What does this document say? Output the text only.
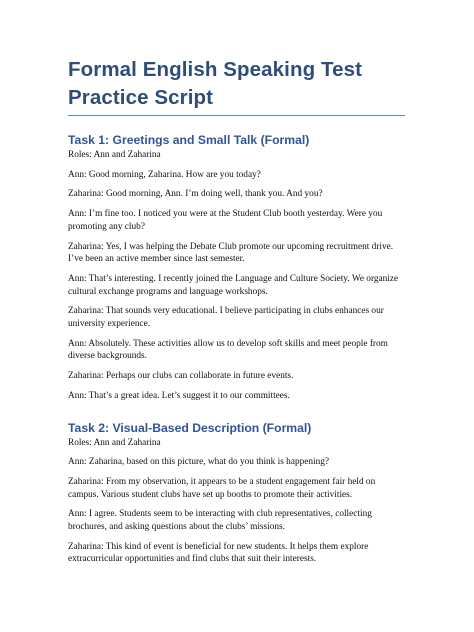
Formal English Speaking Test Practice Script
Task 1: Greetings and Small Talk (Formal)

Roles: Ann and Zaharina

Ann: Good morning, Zaharina. How are you today?

Zaharina: Good morning, Ann. I’m doing well, thank you. And you?

Ann: I’m fine too. I noticed you were at the Student Club booth yesterday. Were you promoting any club?

Zaharina: Yes, I was helping the Debate Club promote our upcoming recruitment drive. I’ve been an active member since last semester.

Ann: That’s interesting. I recently joined the Language and Culture Society. We organize cultural exchange programs and language workshops.

Zaharina: That sounds very educational. I believe participating in clubs enhances our university experience.

Ann: Absolutely. These activities allow us to develop soft skills and meet people from diverse backgrounds.

Zaharina: Perhaps our clubs can collaborate in future events.

Ann: That’s a great idea. Let’s suggest it to our committees.

Task 2: Visual-Based Description (Formal)

Roles: Ann and Zaharina

Ann: Zaharina, based on this picture, what do you think is happening?

Zaharina: From my observation, it appears to be a student engagement fair held on campus. Various student clubs have set up booths to promote their activities.

Ann: I agree. Students seem to be interacting with club representatives, collecting brochures, and asking questions about the clubs’ missions.

Zaharina: This kind of event is beneficial for new students. It helps them explore extracurricular opportunities and find clubs that suit their interests.
